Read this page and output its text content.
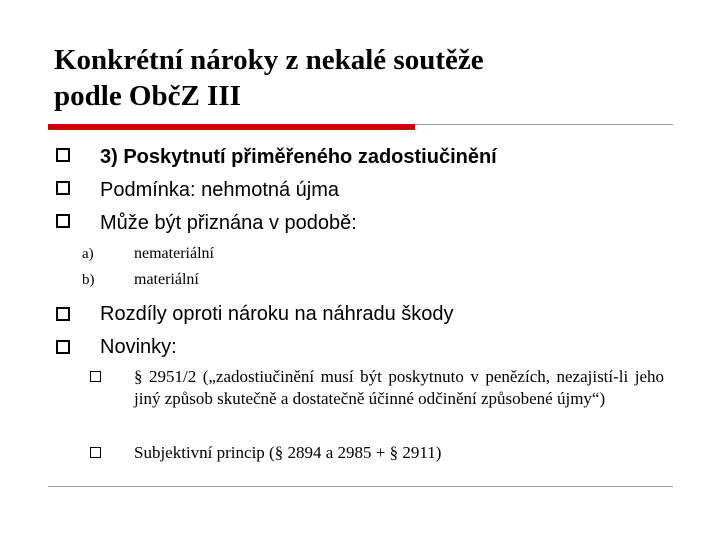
Konkrétní nároky z nekalé soutěže
podle ObčZ III
3) Poskytnutí přiměřeného zadostiučinění
Podmínka: nehmotná újma
Může být přiznána v podobě:
a)	nemateriální
b) materiální
Rozdíly oproti nároku na náhradu škody
Novinky:
§ 2951/2 („zadostiučinění musí být poskytnuto v penězích, nezajistí-li jeho jiný způsob skutečně a dostatečně účinné odčinění způsobené újmy“)
Subjektivní princip (§ 2894 a 2985 + § 2911)
